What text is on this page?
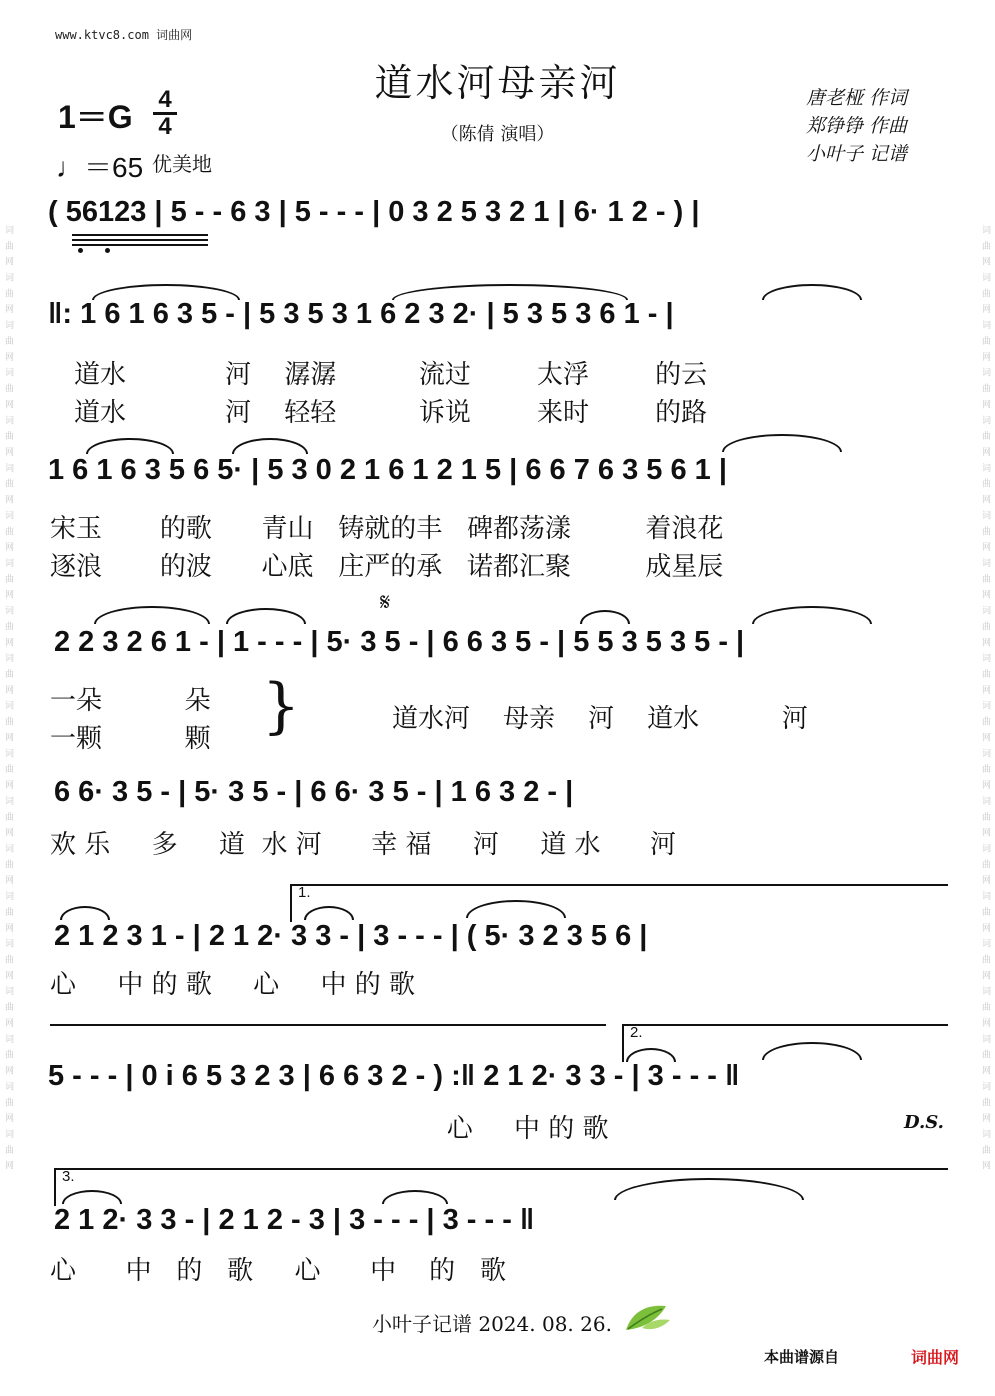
词 曲 网 词 曲 网 词 曲 网 词 曲 网 词 曲 网 词 曲 网 词 曲 网 词 曲 网 词 曲 网 词 曲 网 词 曲 网 词 曲 网 词 曲 网 词 曲 网 词 曲 网 词 曲 网 词 曲 网 词 曲 网 词 曲 网 词 曲 网	词 曲 网 词 曲 网 词 曲 网 词 曲 网 词 曲 网 词 曲 网 词 曲 网 词 曲 网 词 曲 网 词 曲 网 词 曲 网 词 曲 网 词 曲 网 词 曲 网 词 曲 网 词 曲 网 词 曲 网 词 曲 网 词 曲 网 词 曲 网
www.ktvc8.com 词曲网
道水河母亲河
（陈倩 演唱）
1＝G 4
4
♩＝65 优美地
唐老桠 作词
郑铮铮 作曲
小叶子 记谱
( 56123 | 5 - - 6 3 | 5 - - - | 0 3 2 5 3 2 1 | 6· 1 2 - ) |
‖: 1 6 1 6 3 5 - | 5 3 5 3 1 6 2 3 2· | 5 3 5 3 6 1 - |
道水            河    潺潺          流过        太浮        的云
道水            河    轻轻          诉说        来时        的路
1 6 1 6 3 5 6 5· | 5 3 0 2 1 6 1 2 1 5 | 6 6 7 6 3 5 6 1 |
宋玉       的歌      青山   铸就的丰   碑都荡漾         着浪花
逐浪       的波      心底   庄严的承   诺都汇聚         成星辰
𝄋
2 2 3 2 6 1 - | 1 - - - | 5· 3 5 - | 6 6 3 5 - | 5 5 3 5 3 5 - |
一朵          朵
一颗          颗 }	道水河    母亲    河    道水          河
6 6· 3 5 - | 5· 3 5 - | 6 6· 3 5 - | 1 6 3 2 - |
欢 乐     多     道  水 河      幸 福     河     道 水      河
1.
2 1 2 3 1 - | 2 1 2· 3 3 - | 3 - - - | ( 5· 3 2 3 5 6 |
心     中 的 歌     心     中 的 歌
2.
5 - - - | 0 i 6 5 3 2 3 | 6 6 3 2 - ) :‖ 2 1 2· 3 3 - | 3 - - - ‖
心     中 的 歌	D.S.
3.
2 1 2· 3 3 - | 2 1 2 - 3 | 3 - - - | 3 - - - ‖
心      中   的   歌     心      中    的   歌
小叶子记谱 2024. 08. 26.
本曲谱源自	词曲网
